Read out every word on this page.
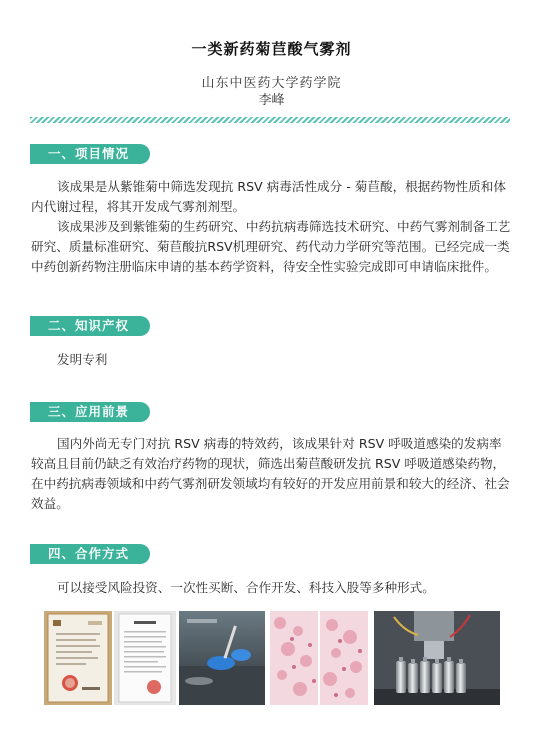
一类新药菊苣酸气雾剂
山东中医药大学药学院
李峰
一、项目情况

该成果是从紫锥菊中筛选发现抗 RSV 病毒活性成分 - 菊苣酸，根据药物性质和体内代谢过程，将其开发成气雾剂剂型。

该成果涉及到紫锥菊的生药研究、中药抗病毒筛选技术研究、中药气雾剂制备工艺研究、质量标准研究、菊苣酸抗RSV机理研究、药代动力学研究等范围。已经完成一类中药创新药物注册临床申请的基本药学资料，待安全性实验完成即可申请临床批件。

二、知识产权

发明专利

三、应用前景

国内外尚无专门对抗 RSV 病毒的特效药，该成果针对 RSV 呼吸道感染的发病率较高且目前仍缺乏有效治疗药物的现状，筛选出菊苣酸研发抗 RSV 呼吸道感染药物，在中药抗病毒领域和中药气雾剂研发领域均有较好的开发应用前景和较大的经济、社会效益。

四、合作方式

可以接受风险投资、一次性买断、合作开发、科技入股等多种形式。
